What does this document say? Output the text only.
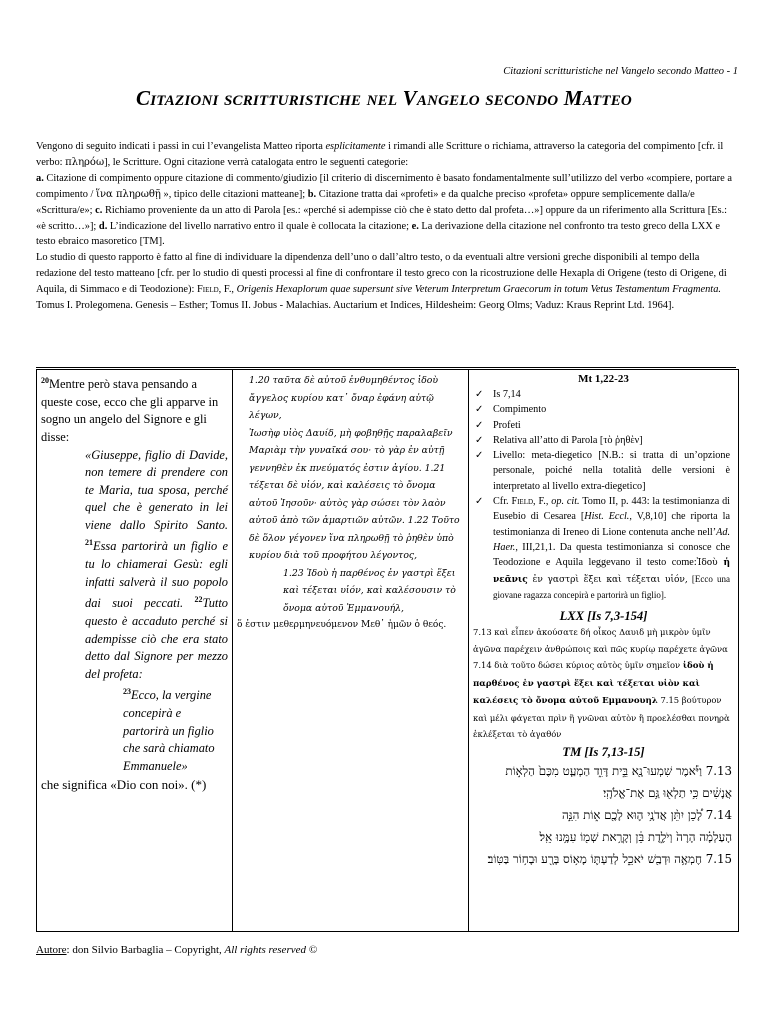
Citazioni scritturistiche nel Vangelo secondo Matteo - 1
Citazioni scritturistiche nel Vangelo secondo Matteo

Vengono di seguito indicati i passi in cui l’evangelista Matteo riporta esplicitamente i rimandi alle Scritture o richiama, attraverso la categoria del compimento [cfr. il verbo: πληρόω], le Scritture. Ogni citazione verrà catalogata entro le seguenti categorie:

a. Citazione di compimento oppure citazione di commento/giudizio [il criterio di discernimento è basato fondamentalmente sull’utilizzo del verbo «compiere, portare a compimento / ἵνα πληρωθῇ », tipico delle citazioni matteane]; b. Citazione tratta dai «profeti» e da qualche preciso «profeta» oppure semplicemente dalla/e «Scrittura/e»; c. Richiamo proveniente da un atto di Parola [es.: «perché si adempisse ciò che è stato detto dal profeta…»] oppure da un riferimento alla Scrittura [Es.: «è scritto…»]; d. L’indicazione del livello narrativo entro il quale è collocata la citazione; e. La derivazione della citazione nel confronto tra testo greco della LXX e testo ebraico masoretico [TM].

Lo studio di questo rapporto è fatto al fine di individuare la dipendenza dell’uno o dall’altro testo, o da eventuali altre versioni greche disponibili al tempo della redazione del testo matteano [cfr. per lo studio di questi processi al fine di confrontare il testo greco con la ricostruzione delle Hexapla di Origene (testo di Origene, di Aquila, di Simmaco e di Teodozione): Field, F., Origenis Hexaplorum quae supersunt sive Veterum Interpretum Graecorum in totum Vetus Testamentum Fragmenta. Tomus I. Prolegomena. Genesis – Esther; Tomus II. Jobus - Malachias. Auctarium et Indices, Hildesheim: Georg Olms; Vaduz: Kraus Reprint Ltd. 1964].

$^{20}$Mentre però stava pensando a queste cose, ecco che gli apparve in sogno un angelo del Signore e gli disse:
«Giuseppe, figlio di Davide, non temere di prendere con te Maria, tua sposa, perché quel che è generato in lei viene dallo Spirito Santo. $^{21}$Essa partorirà un figlio e tu lo chiamerai Gesù: egli infatti salverà il suo popolo dai suoi peccati. $^{22}$Tutto questo è accaduto perché si adempisse ciò che era stato detto dal Signore per mezzo del profeta:
$^{23}$Ecco, la vergine concepirà e partorirà un figlio che sarà chiamato Emmanuele»
che significa «Dio con noi». (*)

1.20 ταῦτα δὲ αὐτοῦ ἐνθυμηθέντος ἰδοὺ ἄγγελος κυρίου κατ᾽ ὄναρ ἐφάνη αὐτῷ λέγων,
Ἰωσὴφ υἱὸς Δαυίδ, μὴ φοβηθῇς παραλαβεῖν Μαριὰμ τὴν γυναῖκά σου· τὸ γὰρ ἐν αὐτῇ γεννηθὲν ἐκ πνεύματός ἐστιν ἁγίου. 1.21 τέξεται δὲ υἱόν, καὶ καλέσεις τὸ ὄνομα αὐτοῦ Ἰησοῦν· αὐτὸς γὰρ σώσει τὸν λαὸν αὐτοῦ ἀπὸ τῶν ἁμαρτιῶν αὐτῶν. 1.22 Τοῦτο δὲ ὅλον γέγονεν ἵνα πληρωθῇ τὸ ῥηθὲν ὑπὸ κυρίου διὰ τοῦ προφήτου λέγοντος,
1.23 Ἰδοὺ ἡ παρθένος ἐν γαστρὶ ἕξει καὶ τέξεται υἱόν, καὶ καλέσουσιν τὸ ὄνομα αὐτοῦ Ἐμμανουήλ,
ὅ ἐστιν μεθερμηνευόμενον Μεθ᾽ ἡμῶν ὁ θεός.

Mt 1,22-23
✓ Is 7,14
✓ Compimento
✓ Profeti
✓ Relativa all’atto di Parola [τὸ ῥηθὲν]
✓ Livello: meta-diegetico [N.B.: si tratta di un’opzione personale, poiché nella totalità delle versioni è interpretato al livello extra-diegetico]
✓ Cfr. Field, F., op. cit. Tomo II, p. 443: la testimonianza di Eusebio di Cesarea [Hist. Eccl., V,8,10] che riporta la testimonianza di Ireneo di Lione contenuta anche nell’Ad. Haer., III,21,1. Da questa testimonianza si conosce che Teodozione e Aquila leggevano il testo come:Ἰδοὺ ἡ νεᾶνις ἐν γαστρὶ ἕξει καὶ τέξεται υἱόν, [Ecco una giovane ragazza concepirà e partorirà un figlio].
LXX [Is 7,3-154]
7.13 καὶ εἶπεν ἀκούσατε δή οἶκος Δαυιδ μὴ μικρὸν ὑμῖν ἀγῶνα παρέχειν ἀνθρώποις καὶ πῶς κυρίῳ παρέχετε ἀγῶνα 7.14 διὰ τοῦτο δώσει κύριος αὐτὸς ὑμῖν σημεῖον ἰδοὺ ἡ παρθένος ἐν γαστρὶ ἕξει καὶ τέξεται υἱὸν καὶ καλέσεις τὸ ὄνομα αὐτοῦ Εμμανουηλ 7.15 βούτυρον καὶ μέλι φάγεται πρὶν ἢ γνῶναι αὐτὸν ἢ προελέσθαι πονηρὰ ἐκλέξεται τὸ ἀγαθόν
TM [Is 7,13-15]
7.13 וַיֹּ֕אמֶר שִׁמְעוּ־נָ֖א בֵּ֣ית דָּוִ֑ד הַמְעַ֤ט מִכֶּם֙ הַלְא֣וֹת
אֲנָשִׁ֔ים כִּ֥י תַלְא֖וּ גַּ֥ם אֶת־אֱלֹהָֽי׃
7.14 לָ֠כֵן יִתֵּ֨ן אֲדֹנָ֥י ה֛וּא לָכֶ֖ם א֑וֹת הִנֵּ֣ה
הָעַלְמָ֗ה הָרָה֙ וְיֹלֶ֣דֶת בֵּ֔ן וְקָרָ֥את שְׁמ֖וֹ עִמָּ֥נוּ אֵֽל׃
7.15 חֶמְאָ֥ה וּדְבַ֖שׁ יֹאכֵ֑ל לְדַעְתּ֛וֹ מָא֥וֹס בָּרָ֖ע וּבָח֥וֹר בַּטּֽוֹב׃
Autore: don Silvio Barbaglia – Copyright, All rights reserved ©
